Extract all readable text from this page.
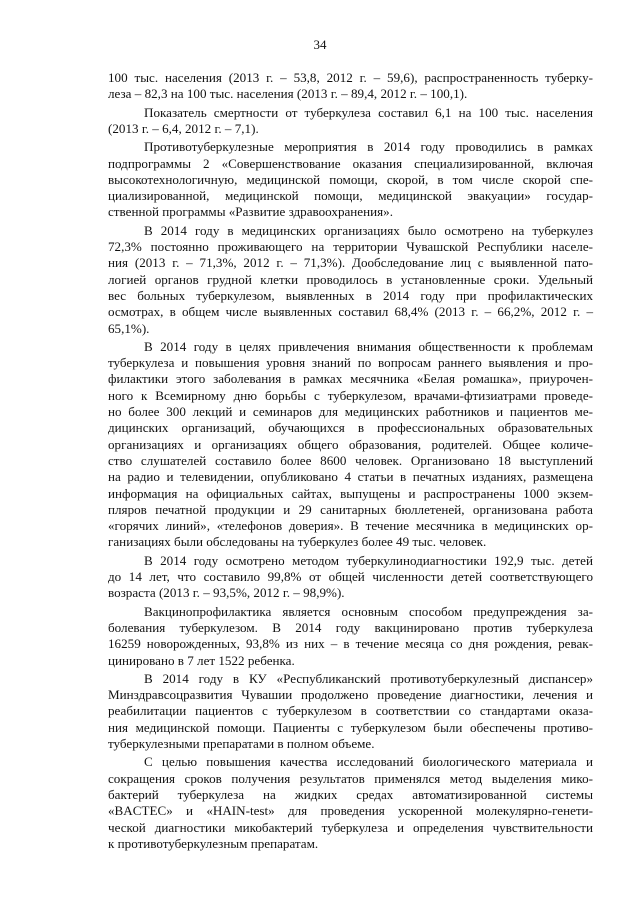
34
100 тыс. населения (2013 г. – 53,8, 2012 г. – 59,6), распространенность туберку-
леза – 82,3 на 100 тыс. населения (2013 г. – 89,4, 2012 г. – 100,1).
Показатель смертности от туберкулеза составил 6,1 на 100 тыс. населения
(2013 г. – 6,4, 2012 г. – 7,1).
Противотуберкулезные мероприятия в 2014 году проводились в рамках
подпрограммы 2 «Совершенствование оказания специализированной, включая
высокотехнологичную, медицинской помощи, скорой, в том числе скорой спе-
циализированной, медицинской помощи, медицинской эвакуации» государ-
ственной программы «Развитие здравоохранения».
В 2014 году в медицинских организациях было осмотрено на туберкулез
72,3% постоянно проживающего на территории Чувашской Республики населе-
ния (2013 г. – 71,3%, 2012 г. – 71,3%). Дообследование лиц с выявленной пато-
логией органов грудной клетки проводилось в установленные сроки. Удельный
вес больных туберкулезом, выявленных в 2014 году при профилактических
осмотрах, в общем числе выявленных составил 68,4% (2013 г. – 66,2%, 2012 г. –
65,1%).
В 2014 году в целях привлечения внимания общественности к проблемам
туберкулеза и повышения уровня знаний по вопросам раннего выявления и про-
филактики этого заболевания в рамках месячника «Белая ромашка», приурочен-
ного к Всемирному дню борьбы с туберкулезом, врачами-фтизиатрами проведе-
но более 300 лекций и семинаров для медицинских работников и пациентов ме-
дицинских организаций, обучающихся в профессиональных образовательных
организациях и организациях общего образования, родителей. Общее количе-
ство слушателей составило более 8600 человек. Организовано 18 выступлений
на радио и телевидении, опубликовано 4 статьи в печатных изданиях, размещена
информация на официальных сайтах, выпущены и распространены 1000 экзем-
пляров печатной продукции и 29 санитарных бюллетеней, организована работа
«горячих линий», «телефонов доверия». В течение месячника в медицинских ор-
ганизациях были обследованы на туберкулез более 49 тыс. человек.
В 2014 году осмотрено методом туберкулинодиагностики 192,9 тыс. детей
до 14 лет, что составило 99,8% от общей численности детей соответствующего
возраста (2013 г. – 93,5%, 2012 г. – 98,9%).
Вакцинопрофилактика является основным способом предупреждения за-
болевания туберкулезом. В 2014 году вакцинировано против туберкулеза
16259 новорожденных, 93,8% из них – в течение месяца со дня рождения, ревак-
цинировано в 7 лет 1522 ребенка.
В 2014 году в КУ «Республиканский противотуберкулезный диспансер»
Минздравсоцразвития Чувашии продолжено проведение диагностики, лечения и
реабилитации пациентов с туберкулезом в соответствии со стандартами оказа-
ния медицинской помощи. Пациенты с туберкулезом были обеспечены противо-
туберкулезными препаратами в полном объеме.
С целью повышения качества исследований биологического материала и
сокращения сроков получения результатов применялся метод выделения мико-
бактерий туберкулеза на жидких средах автоматизированной системы
«BACTEC» и «HAIN-test» для проведения ускоренной молекулярно-генети-
ческой диагностики микобактерий туберкулеза и определения чувствительности
к противотуберкулезным препаратам.
